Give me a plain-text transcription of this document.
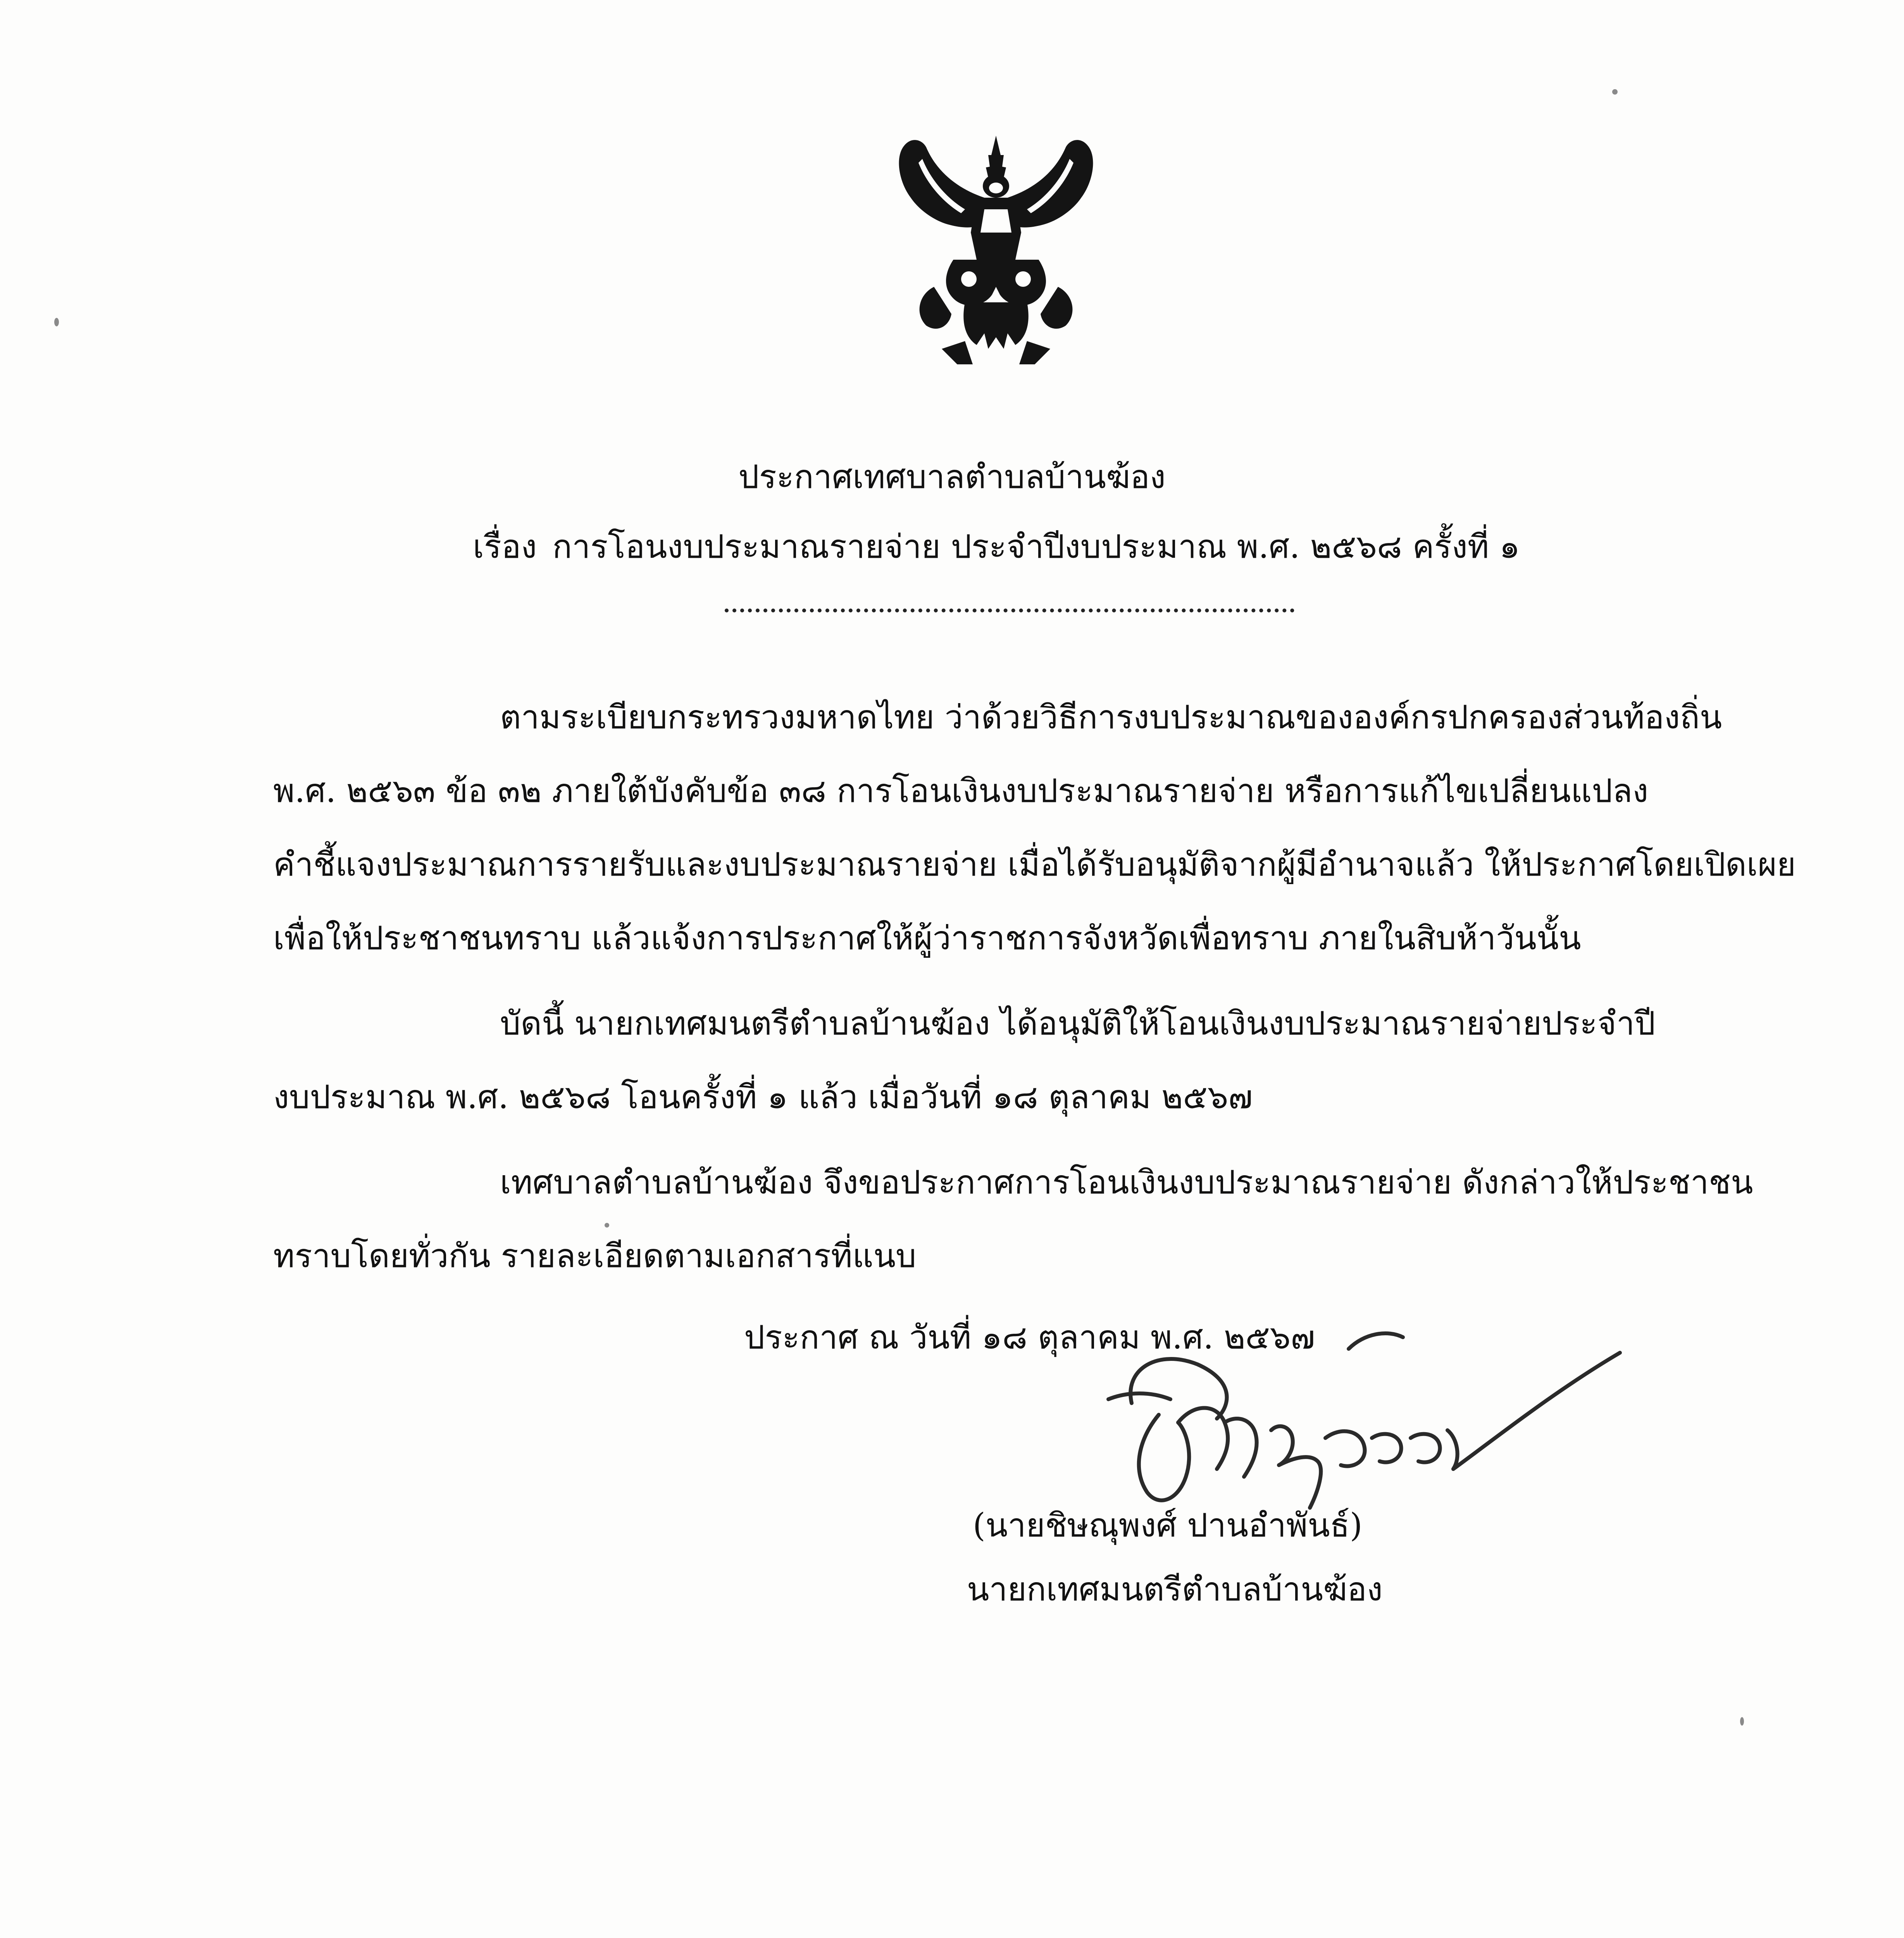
ประกาศเทศบาลตำบลบ้านฆ้อง
เรื่อง การโอนงบประมาณรายจ่าย ประจำปีงบประมาณ พ.ศ. ๒๕๖๘ ครั้งที่ ๑
ตามระเบียบกระทรวงมหาดไทย ว่าด้วยวิธีการงบประมาณขององค์กรปกครองส่วนท้องถิ่น
พ.ศ. ๒๕๖๓ ข้อ ๓๒ ภายใต้บังคับข้อ ๓๘ การโอนเงินงบประมาณรายจ่าย หรือการแก้ไขเปลี่ยนแปลง
คำชี้แจงประมาณการรายรับและงบประมาณรายจ่าย เมื่อได้รับอนุมัติจากผู้มีอำนาจแล้ว ให้ประกาศโดยเปิดเผย
เพื่อให้ประชาชนทราบ แล้วแจ้งการประกาศให้ผู้ว่าราชการจังหวัดเพื่อทราบ ภายในสิบห้าวันนั้น
บัดนี้ นายกเทศมนตรีตำบลบ้านฆ้อง ได้อนุมัติให้โอนเงินงบประมาณรายจ่ายประจำปี
งบประมาณ พ.ศ. ๒๕๖๘ โอนครั้งที่ ๑ แล้ว เมื่อวันที่ ๑๘ ตุลาคม ๒๕๖๗
เทศบาลตำบลบ้านฆ้อง จึงขอประกาศการโอนเงินงบประมาณรายจ่าย ดังกล่าวให้ประชาชน
ทราบโดยทั่วกัน รายละเอียดตามเอกสารที่แนบ
ประกาศ ณ วันที่ ๑๘ ตุลาคม พ.ศ. ๒๕๖๗
(นายชิษณุพงศ์ ปานอำพันธ์)
นายกเทศมนตรีตำบลบ้านฆ้อง
